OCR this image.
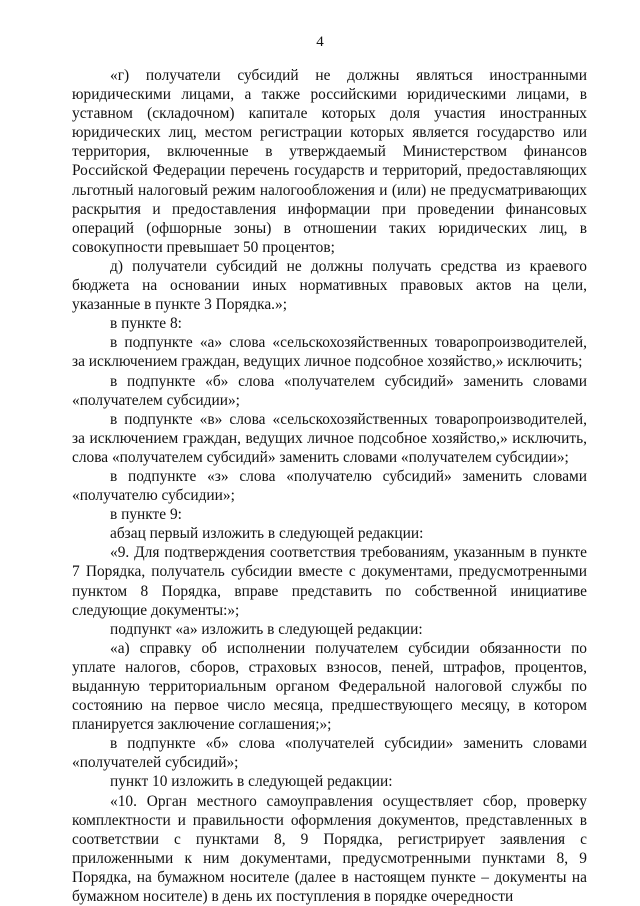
4

«г) получатели субсидий не должны являться иностранными юридическими лицами, а также российскими юридическими лицами, в уставном (складочном) капитале которых доля участия иностранных юридических лиц, местом регистрации которых является государство или территория, включенные в утверждаемый Министерством финансов Российской Федерации перечень государств и территорий, предоставляющих льготный налоговый режим налогообложения и (или) не предусматривающих раскрытия и предоставления информации при проведении финансовых операций (офшорные зоны) в отношении таких юридических лиц, в совокупности превышает 50 процентов;

д) получатели субсидий не должны получать средства из краевого бюджета на основании иных нормативных правовых актов на цели, указанные в пункте 3 Порядка.»;

в пункте 8:

в подпункте «а» слова «сельскохозяйственных товаропроизводителей, за исключением граждан, ведущих личное подсобное хозяйство,» исключить;

в подпункте «б» слова «получателем субсидий» заменить словами «получателем субсидии»;

в подпункте «в» слова «сельскохозяйственных товаропроизводителей, за исключением граждан, ведущих личное подсобное хозяйство,» исключить, слова «получателем субсидий» заменить словами «получателем субсидии»;

в подпункте «з» слова «получателю субсидий» заменить словами «получателю субсидии»;

в пункте 9:

абзац первый изложить в следующей редакции:

«9. Для подтверждения соответствия требованиям, указанным в пункте 7 Порядка, получатель субсидии вместе с документами, предусмотренными пунктом 8 Порядка, вправе представить по собственной инициативе следующие документы:»;

подпункт «а» изложить в следующей редакции:

«а) справку об исполнении получателем субсидии обязанности по уплате налогов, сборов, страховых взносов, пеней, штрафов, процентов, выданную территориальным органом Федеральной налоговой службы по состоянию на первое число месяца, предшествующего месяцу, в котором планируется заключение соглашения;»;

в подпункте «б» слова «получателей субсидии» заменить словами «получателей субсидий»;

пункт 10 изложить в следующей редакции:

«10. Орган местного самоуправления осуществляет сбор, проверку комплектности и правильности оформления документов, представленных в соответствии с пунктами 8, 9 Порядка, регистрирует заявления с приложенными к ним документами, предусмотренными пунктами 8, 9 Порядка, на бумажном носителе (далее в настоящем пункте – документы на бумажном носителе) в день их поступления в порядке очередности
